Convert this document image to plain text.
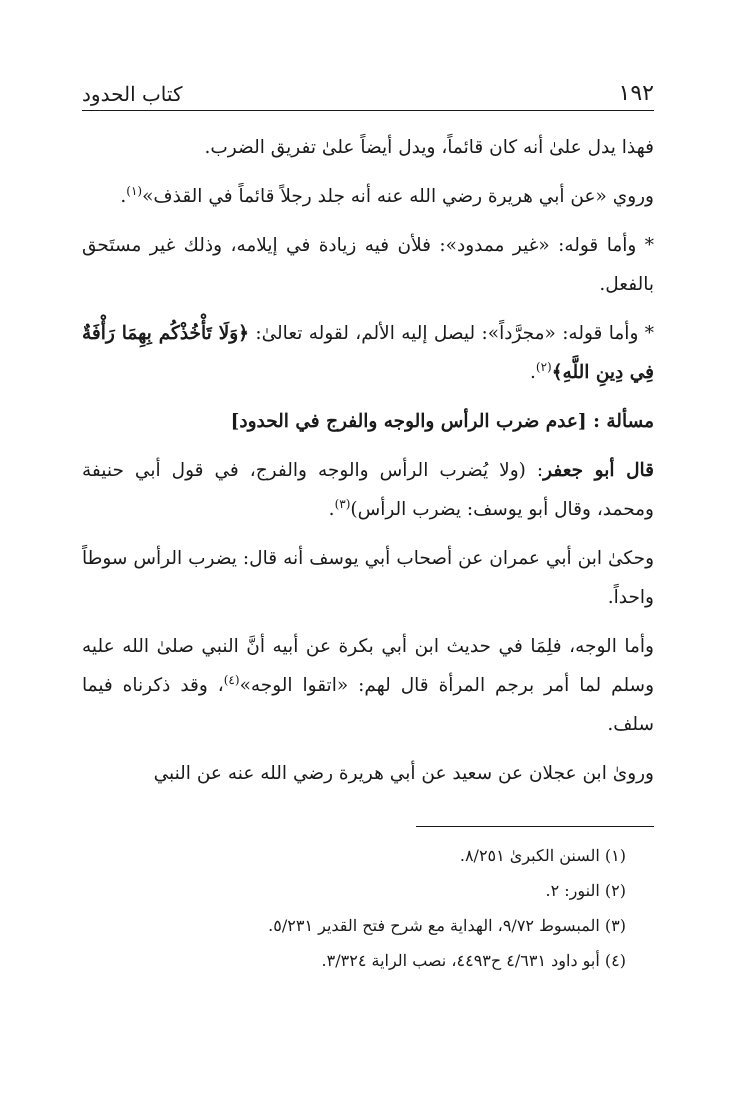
١٩٢
كتاب الحدود

فهذا يدل علىٰ أنه كان قائماً، ويدل أيضاً علىٰ تفريق الضرب.

وروي «عن أبي هريرة رضي الله عنه أنه جلد رجلاً قائماً في القذف»$^{(١)}$.

* وأما قوله: «غير ممدود»: فلأن فيه زيادة في إيلامه، وذلك غير مستَحق بالفعل.

* وأما قوله: «مجرَّداً»: ليصل إليه الألم، لقوله تعالىٰ: ﴿وَلَا تَأْخُذْكُم بِهِمَا رَأْفَةٌ فِي دِينِ اللَّهِ﴾$^{(٢)}$.

مسألة : [عدم ضرب الرأس والوجه والفرج في الحدود]

قال أبو جعفر: (ولا يُضرب الرأس والوجه والفرج، في قول أبي حنيفة ومحمد، وقال أبو يوسف: يضرب الرأس)$^{(٣)}$.

وحكىٰ ابن أبي عمران عن أصحاب أبي يوسف أنه قال: يضرب الرأس سوطاً واحداً.

وأما الوجه، فلِمَا في حديث ابن أبي بكرة عن أبيه أنَّ النبي صلىٰ الله عليه وسلم لما أمر برجم المرأة قال لهم: «اتقوا الوجه»$^{(٤)}$، وقد ذكرناه فيما سلف.

وروىٰ ابن عجلان عن سعيد عن أبي هريرة رضي الله عنه عن النبي

(١) السنن الكبرىٰ ٨/٢٥١.
(٢) النور: ٢.
(٣) المبسوط ٩/٧٢، الهداية مع شرح فتح القدير ٥/٢٣١.
(٤) أبو داود ٤/٦٣١ ح٤٤٩٣، نصب الراية ٣/٣٢٤.
